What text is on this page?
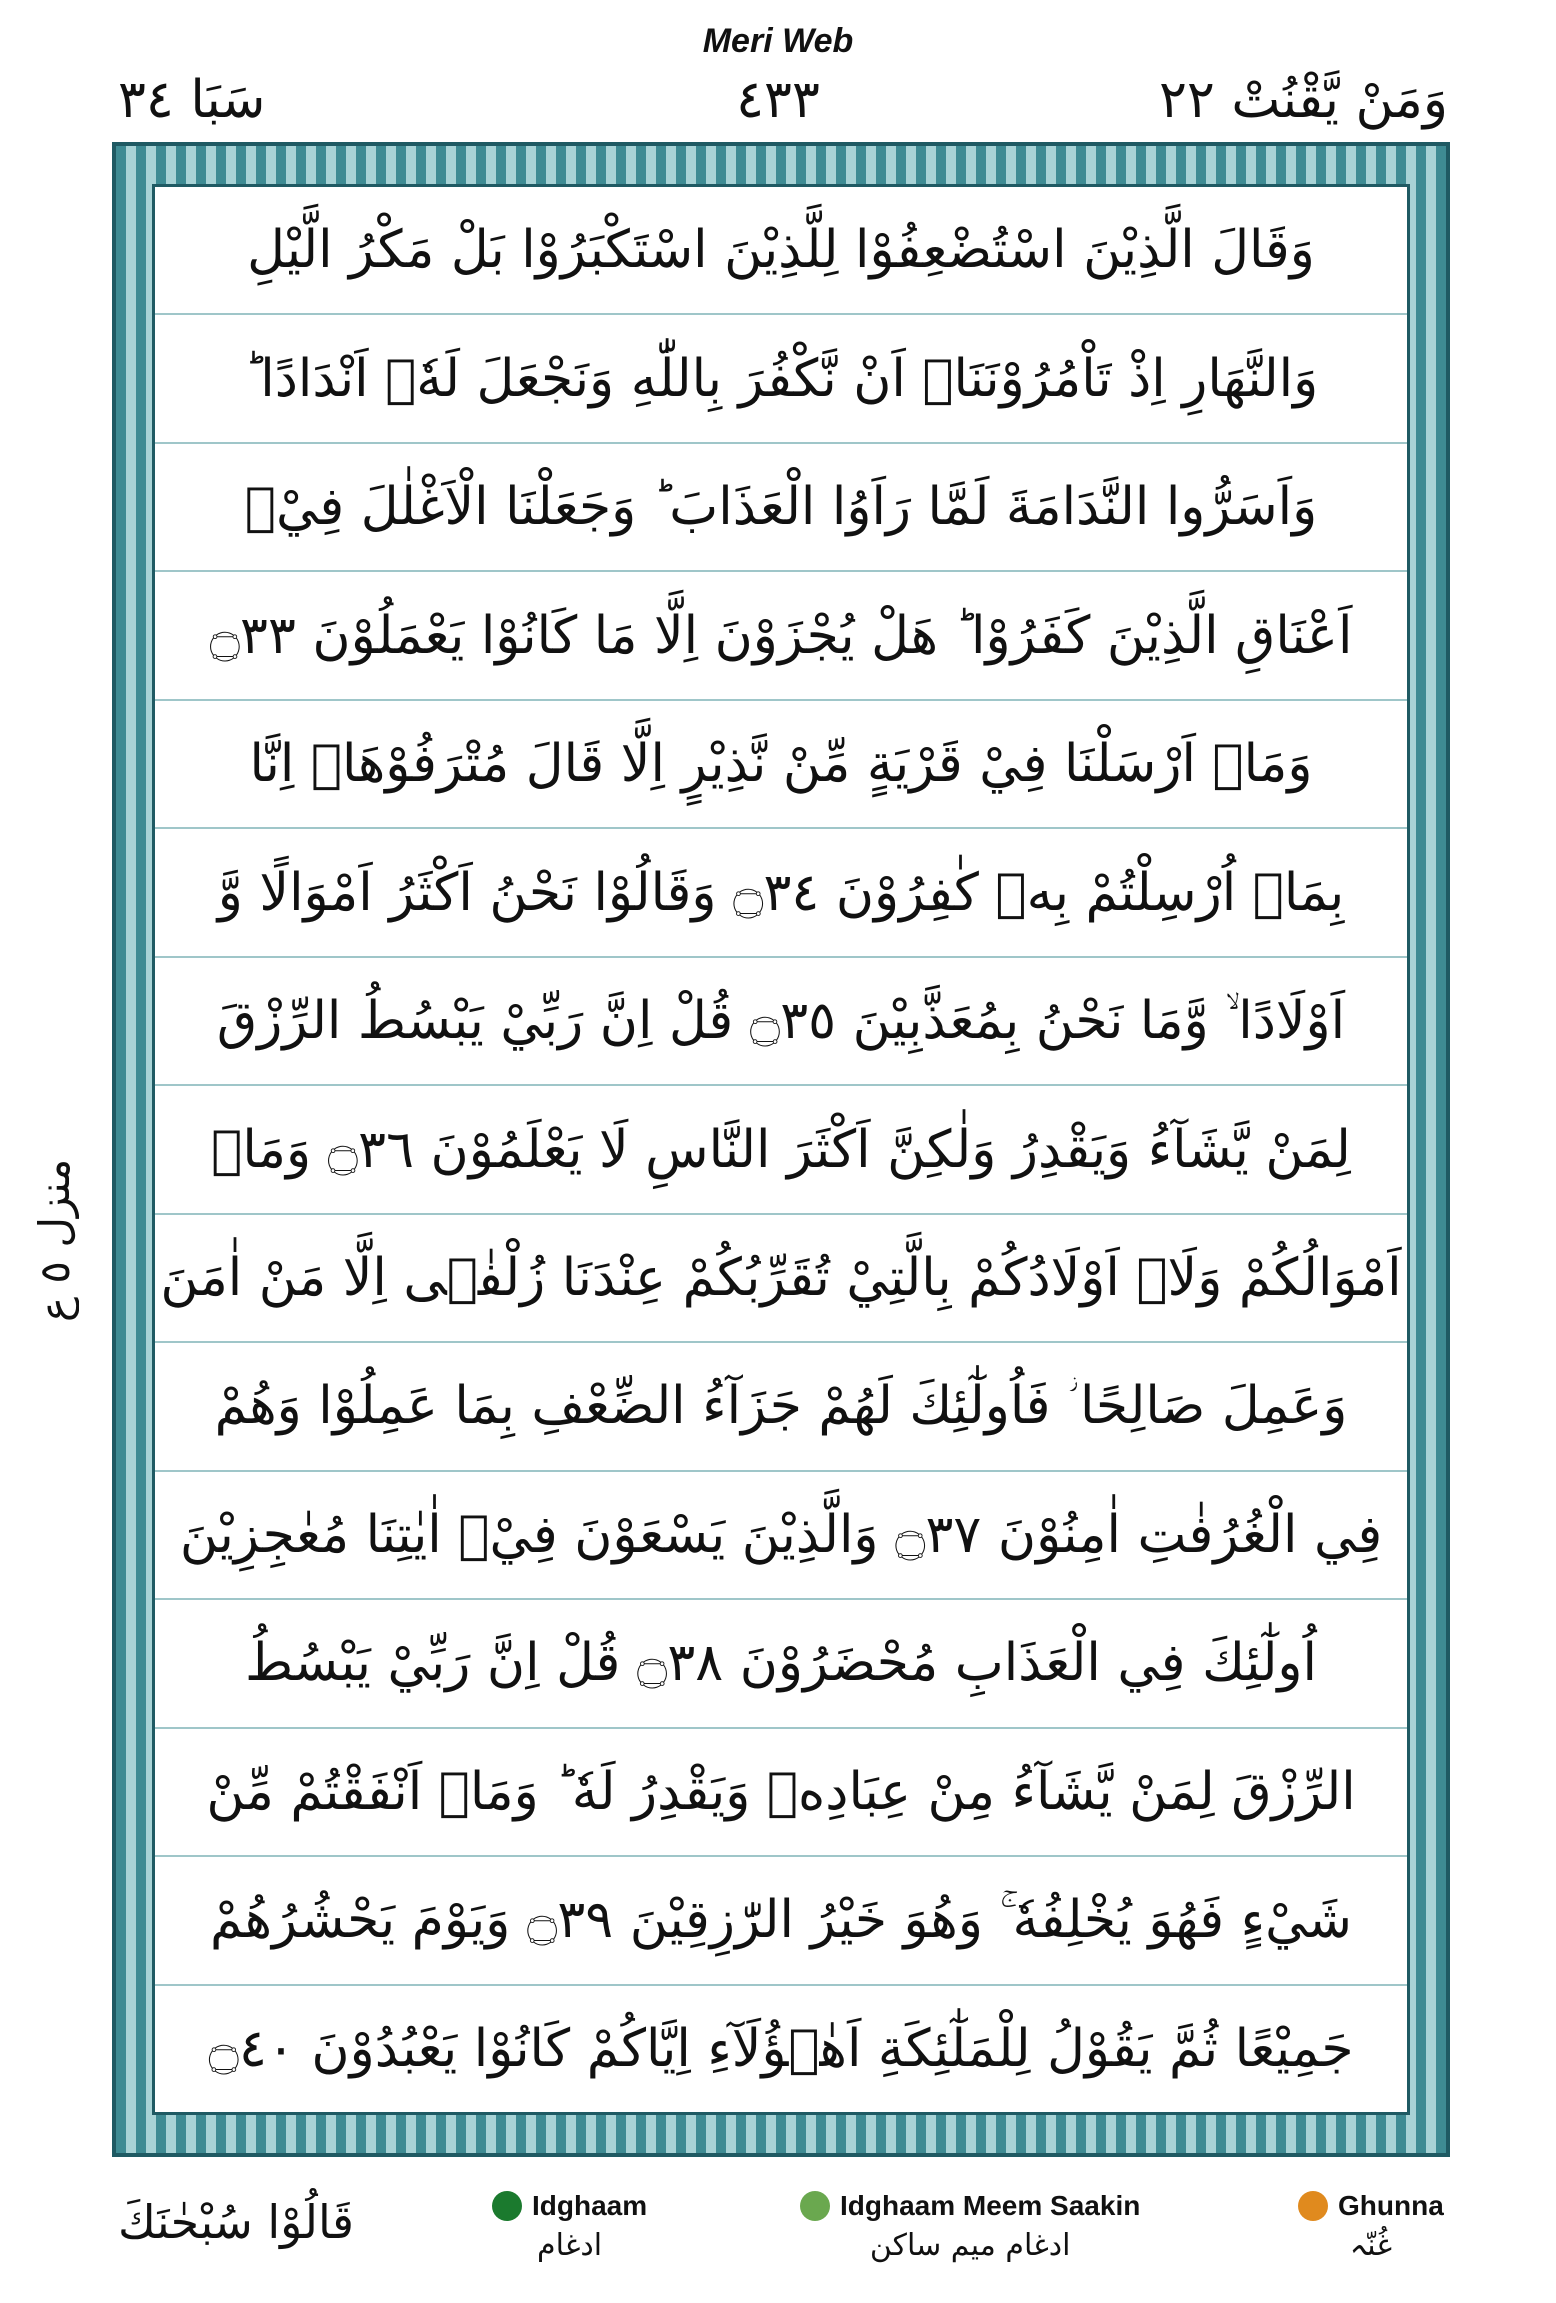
Meri Web
وَمَنْ يَّقْنُتْ ٢٢
٤٣٣
سَبَا ٣٤
منزل ٥ ع
وَقَالَ الَّذِيْنَ اسْتُضْعِفُوْا لِلَّذِيْنَ اسْتَكْبَرُوْا بَلْ مَكْرُ الَّيْلِ
وَالنَّهَارِ اِذْ تَاْمُرُوْنَنَاۤ اَنْ نَّكْفُرَ بِاللّٰهِ وَنَجْعَلَ لَهٗۤ اَنْدَادًا ؕ
وَاَسَرُّوا النَّدَامَةَ لَمَّا رَاَوُا الْعَذَابَ ؕ وَجَعَلْنَا الْاَغْلٰلَ فِيْۤ
اَعْنَاقِ الَّذِيْنَ كَفَرُوْا ؕ هَلْ يُجْزَوْنَ اِلَّا مَا كَانُوْا يَعْمَلُوْنَ ۝٣٣
وَمَاۤ اَرْسَلْنَا فِيْ قَرْيَةٍ مِّنْ نَّذِيْرٍ اِلَّا قَالَ مُتْرَفُوْهَاۤ اِنَّا
بِمَاۤ اُرْسِلْتُمْ بِهٖ كٰفِرُوْنَ ۝٣٤ وَقَالُوْا نَحْنُ اَكْثَرُ اَمْوَالًا وَّ
اَوْلَادًا ۙ وَّمَا نَحْنُ بِمُعَذَّبِيْنَ ۝٣٥ قُلْ اِنَّ رَبِّيْ يَبْسُطُ الرِّزْقَ
لِمَنْ يَّشَآءُ وَيَقْدِرُ وَلٰكِنَّ اَكْثَرَ النَّاسِ لَا يَعْلَمُوْنَ ۝٣٦ وَمَاۤ
اَمْوَالُكُمْ وَلَاۤ اَوْلَادُكُمْ بِالَّتِيْ تُقَرِّبُكُمْ عِنْدَنَا زُلْفٰۤى اِلَّا مَنْ اٰمَنَ
وَعَمِلَ صَالِحًا ؗ فَاُولٰٓئِكَ لَهُمْ جَزَآءُ الضِّعْفِ بِمَا عَمِلُوْا وَهُمْ
فِي الْغُرُفٰتِ اٰمِنُوْنَ ۝٣٧ وَالَّذِيْنَ يَسْعَوْنَ فِيْۤ اٰيٰتِنَا مُعٰجِزِيْنَ
اُولٰٓئِكَ فِي الْعَذَابِ مُحْضَرُوْنَ ۝٣٨ قُلْ اِنَّ رَبِّيْ يَبْسُطُ
الرِّزْقَ لِمَنْ يَّشَآءُ مِنْ عِبَادِهٖ وَيَقْدِرُ لَهٗ ؕ وَمَاۤ اَنْفَقْتُمْ مِّنْ
شَيْءٍ فَهُوَ يُخْلِفُهٗ ۚ وَهُوَ خَيْرُ الرّٰزِقِيْنَ ۝٣٩ وَيَوْمَ يَحْشُرُهُمْ
جَمِيْعًا ثُمَّ يَقُوْلُ لِلْمَلٰٓئِكَةِ اَهٰۤؤُلَآءِ اِيَّاكُمْ كَانُوْا يَعْبُدُوْنَ ۝٤٠
قَالُوْا سُبْحٰنَكَ	Idghaam
ادغام
Idghaam Meem Saakin
ادغام میم ساکن
Ghunna
غُنّہ
